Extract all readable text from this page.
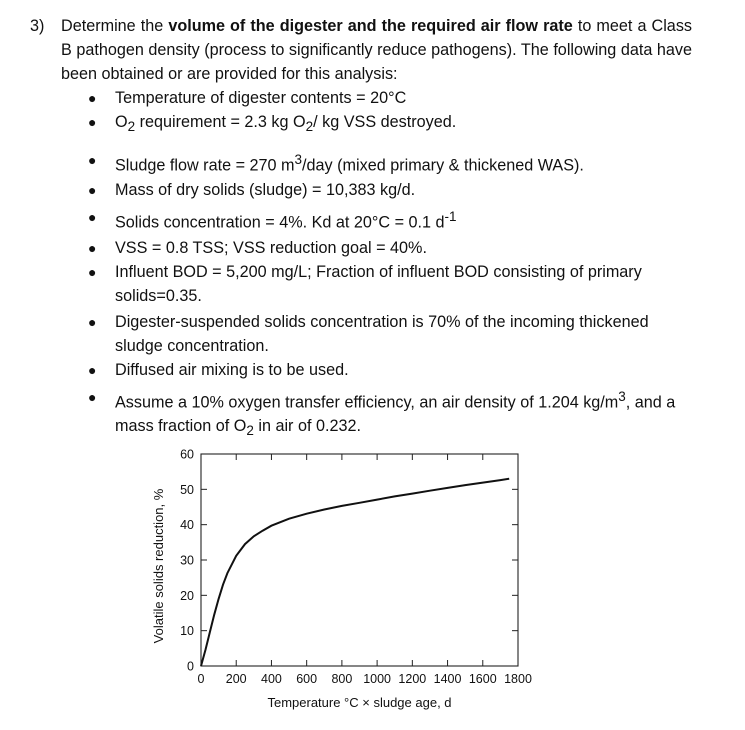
3) Determine the volume of the digester and the required air flow rate to meet a Class B pathogen density (process to significantly reduce pathogens). The following data have been obtained or are provided for this analysis:
● Temperature of digester contents = 20°C
● $O_2$ requirement = 2.3 kg $O_2/$ kg VSS destroyed.
● Sludge flow rate = 270 $m^3$/day (mixed primary & thickened WAS).
● Mass of dry solids (sludge) = 10,383 kg/d.
● Solids concentration = 4%. Kd at 20°C = 0.1 $d^{-1}$
● VSS = 0.8 TSS; VSS reduction goal = 40%.
● Influent BOD = 5,200 mg/L; Fraction of influent BOD consisting of primary solids=0.35.
● Digester-suspended solids concentration is 70% of the incoming thickened sludge concentration.
● Diffused air mixing is to be used.
● Assume a 10% oxygen transfer efficiency, an air density of 1.204 $kg/m^3$, and a mass fraction of $O_2$ in air of 0.232.
0 200 400 600 800 1000 1200 1400 1600 1800
0
10
20
30
40
50
60
Temperature °C × sludge age, d
Volatile solids reduction, %
